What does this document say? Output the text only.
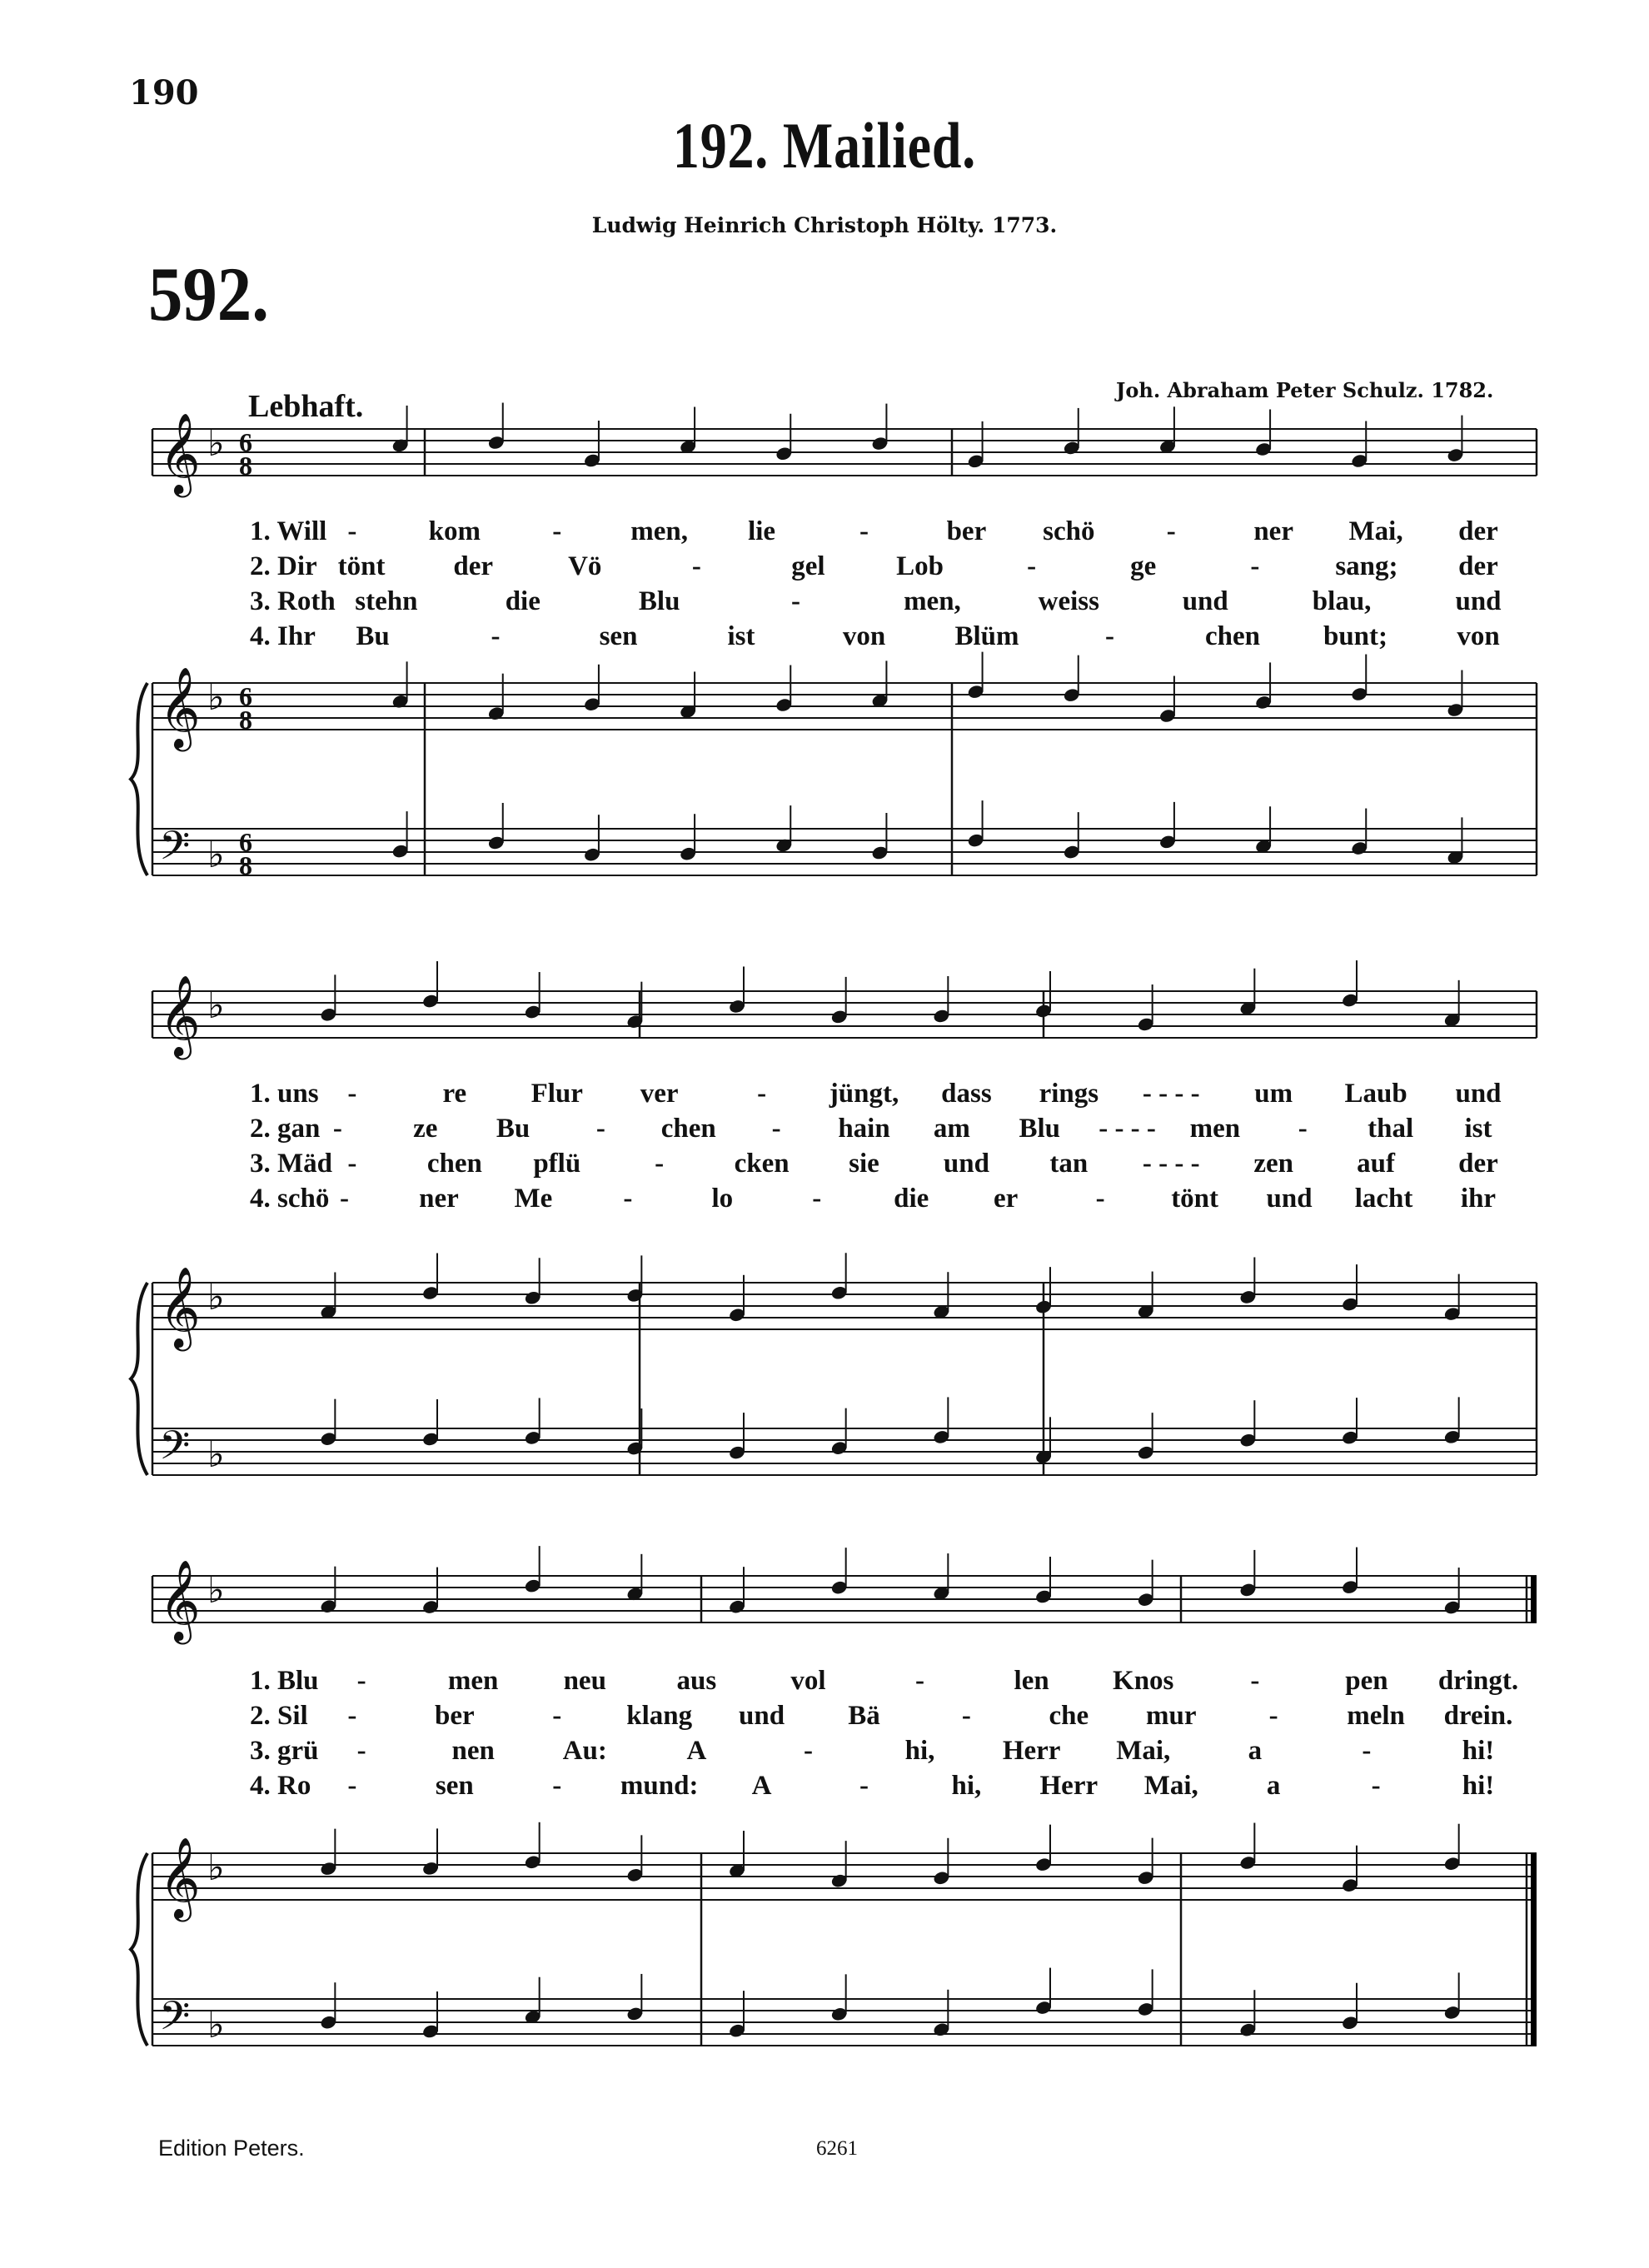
190
192. Mailied.
Ludwig Heinrich Christoph Hölty. 1773.
592.
Joh. Abraham Peter Schulz. 1782.
Lebhaft.
𝄞
𝄞
𝄢
♭
♭
♭
6
8
6
8
6
8
1. Will -	kom	-	men, lie	-	ber schö	-	ner Mai, der
2. Dir tönt der	Vö	-	gel	Lob	-	ge	-	sang; der
3. Roth stehn	die	Blu	-	men,	weiss	und	blau,	und
4. Ihr Bu	-	sen	ist	von	Blüm	-	chen bunt;	von
𝄞
𝄞
𝄢
♭
♭
♭
1. uns -	re Flur ver	- jüngt, dass rings - - - - um Laub und
2. gan -	ze Bu - chen - hain am Blu - - - - men - thal ist
3. Mäd -	chen pflü	-	cken sie und tan - - - - zen auf der
4. schö -	ner Me	-	lo	-	die er	- tönt und lacht ihr
𝄞
𝄞
𝄢
♭
♭
♭
1. Blu -	men neu	aus	vol	-	len Knos	-	pen dringt.
2. Sil -	ber	- klang und Bä	-	che mur	-	meln drein.
3. grü -	nen Au:	A	-	hi, Herr Mai,	a	-	hi!
4. Ro -	sen	- mund: A	-	hi, Herr Mai, a	-	hi!
Edition Peters.	6261
